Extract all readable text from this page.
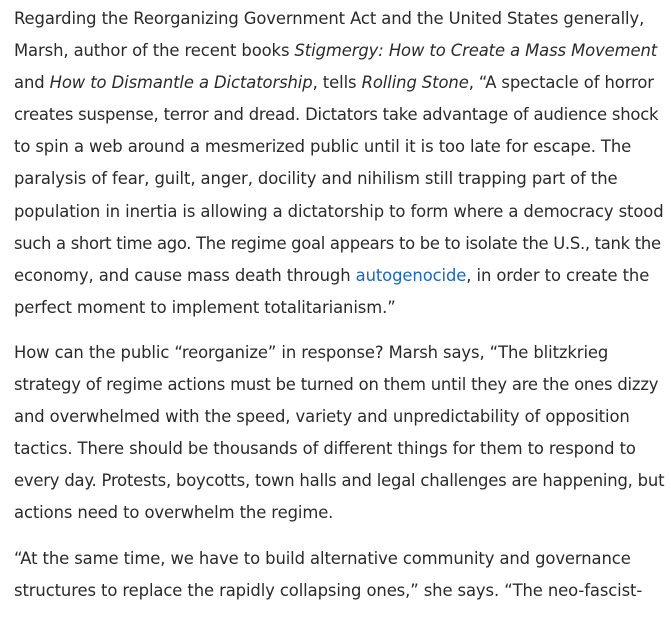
Regarding the Reorganizing Government Act and the United States generally,
Marsh, author of the recent books Stigmergy: How to Create a Mass Movement
and How to Dismantle a Dictatorship, tells Rolling Stone, “A spectacle of horror
creates suspense, terror and dread. Dictators take advantage of audience shock
to spin a web around a mesmerized public until it is too late for escape. The
paralysis of fear, guilt, anger, docility and nihilism still trapping part of the
population in inertia is allowing a dictatorship to form where a democracy stood
such a short time ago. The regime goal appears to be to isolate the U.S., tank the
economy, and cause mass death through autogenocide, in order to create the
perfect moment to implement totalitarianism.”

How can the public “reorganize” in response? Marsh says, “The blitzkrieg
strategy of regime actions must be turned on them until they are the ones dizzy
and overwhelmed with the speed, variety and unpredictability of opposition
tactics. There should be thousands of different things for them to respond to
every day. Protests, boycotts, town halls and legal challenges are happening, but
actions need to overwhelm the regime.

“At the same time, we have to build alternative community and governance
structures to replace the rapidly collapsing ones,” she says. “The neo-fascist-
